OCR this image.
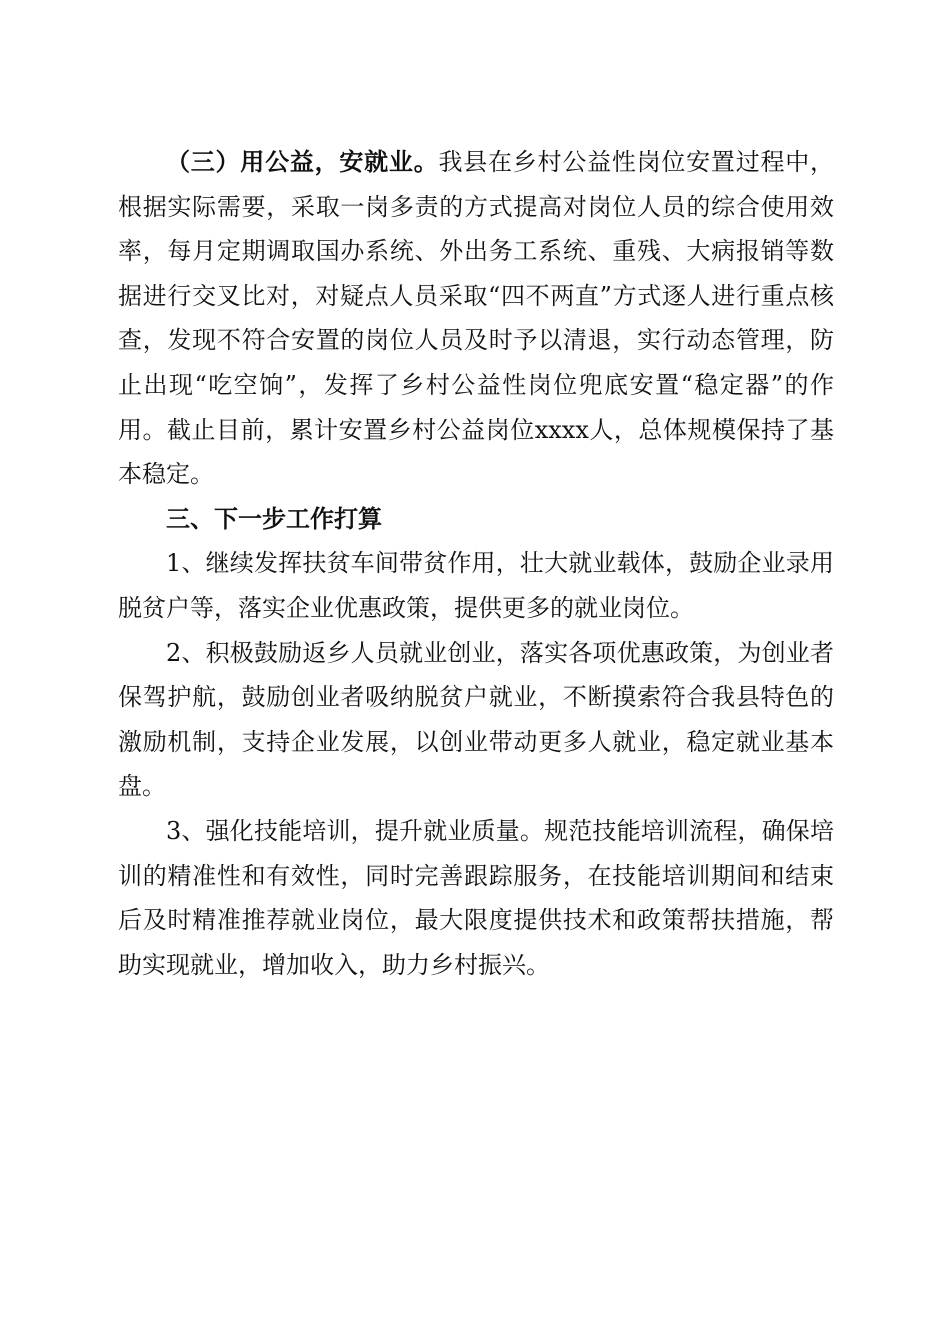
（三）用公益，安就业。我县在乡村公益性岗位安置过程中，根据实际需要，采取一岗多责的方式提高对岗位人员的综合使用效率，每月定期调取国办系统、外出务工系统、重残、大病报销等数据进行交叉比对，对疑点人员采取“四不两直”方式逐人进行重点核查，发现不符合安置的岗位人员及时予以清退，实行动态管理，防止出现“吃空饷”，发挥了乡村公益性岗位兜底安置“稳定器”的作用。截止目前，累计安置乡村公益岗位xxxx人，总体规模保持了基本稳定。

三、下一步工作打算

1、继续发挥扶贫车间带贫作用，壮大就业载体，鼓励企业录用脱贫户等，落实企业优惠政策，提供更多的就业岗位。

2、积极鼓励返乡人员就业创业，落实各项优惠政策，为创业者保驾护航，鼓励创业者吸纳脱贫户就业，不断摸索符合我县特色的激励机制，支持企业发展，以创业带动更多人就业，稳定就业基本盘。

3、强化技能培训，提升就业质量。规范技能培训流程，确保培训的精准性和有效性，同时完善跟踪服务，在技能培训期间和结束后及时精准推荐就业岗位，最大限度提供技术和政策帮扶措施，帮助实现就业，增加收入，助力乡村振兴。
